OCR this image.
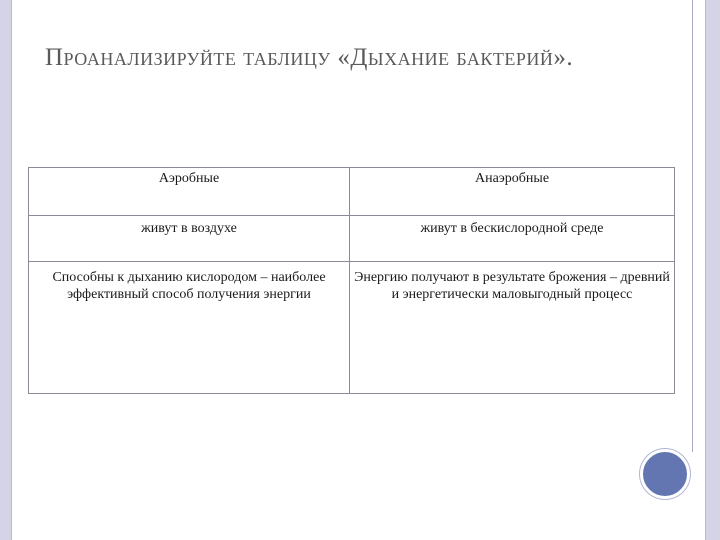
Проанализируйте таблицу «Дыхание бактерий».
Аэробные	Анаэробные
живут в воздухе	живут в бескислородной среде
Способны к дыханию кислородом – наиболее эффективный способ получения энергии	Энергию получают в результате брожения – древний и энергетически маловыгодный процесс
